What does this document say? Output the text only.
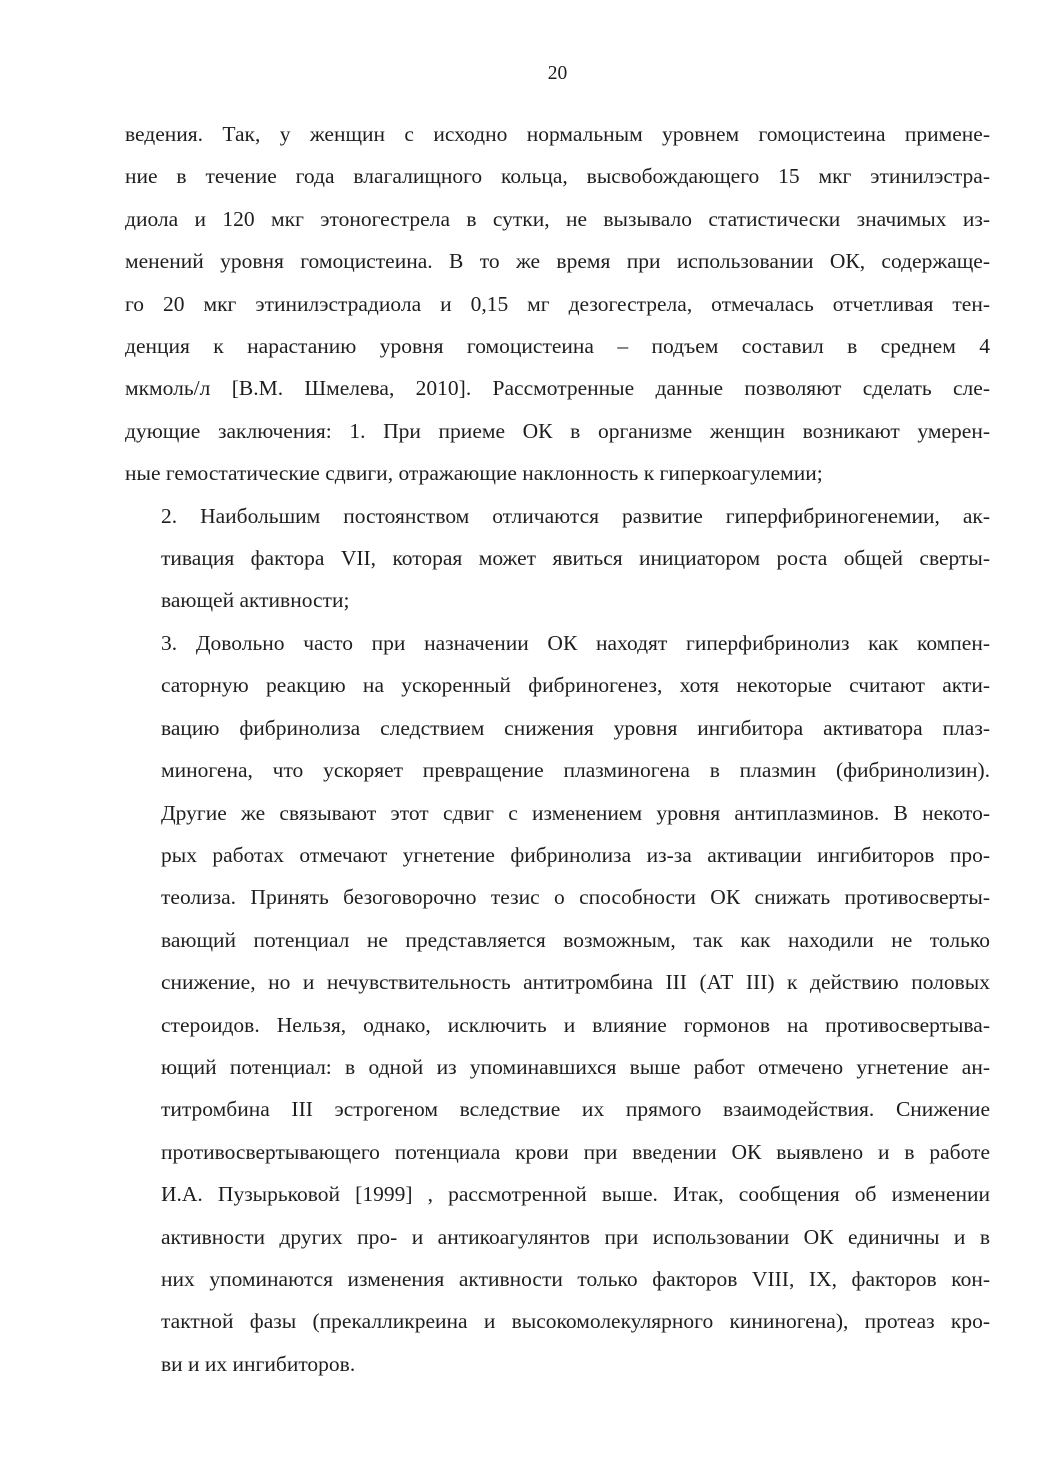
20

ведения. Так, у женщин с исходно нормальным уровнем гомоцистеина примене-
ние в течение года влагалищного кольца, высвобождающего 15 мкг этинилэстра-
диола и 120 мкг этоногестрела в сутки, не вызывало статистически значимых из-
менений уровня гомоцистеина. В то же время при использовании ОК, содержаще-
го 20 мкг этинилэстрадиола и 0,15 мг дезогестрела, отмечалась отчетливая тен-
денция к нарастанию уровня гомоцистеина – подъем составил в среднем 4
мкмоль/л [В.М. Шмелева, 2010]. Рассмотренные данные позволяют сделать сле-
дующие заключения: 1. При приеме ОК в организме женщин возникают умерен-
ные гемостатические сдвиги, отражающие наклонность к гиперкоагулемии;

2. Наибольшим постоянством отличаются развитие гиперфибриногенемии, ак-
тивация фактора VII, которая может явиться инициатором роста общей сверты-
вающей активности;

3. Довольно часто при назначении ОК находят гиперфибринолиз как компен-
саторную реакцию на ускоренный фибриногенез, хотя некоторые считают акти-
вацию фибринолиза следствием снижения уровня ингибитора активатора плаз-
миногена, что ускоряет превращение плазминогена в плазмин (фибринолизин).
Другие же связывают этот сдвиг с изменением уровня антиплазминов. В некото-
рых работах отмечают угнетение фибринолиза из-за активации ингибиторов про-
теолиза. Принять безоговорочно тезис о способности ОК снижать противосверты-
вающий потенциал не представляется возможным, так как находили не только
снижение, но и нечувствительность антитромбина III (АТ III) к действию половых
стероидов. Нельзя, однако, исключить и влияние гормонов на противосвертыва-
ющий потенциал: в одной из упоминавшихся выше работ отмечено угнетение ан-
титромбина III эстрогеном вследствие их прямого взаимодействия. Снижение
противосвертывающего потенциала крови при введении ОК выявлено и в работе
И.А. Пузырьковой [1999] , рассмотренной выше. Итак, сообщения об изменении
активности других про- и антикоагулянтов при использовании ОК единичны и в
них упоминаются изменения активности только факторов VIII, IX, факторов кон-
тактной фазы (прекалликреина и высокомолекулярного кининогена), протеаз кро-
ви и их ингибиторов.
